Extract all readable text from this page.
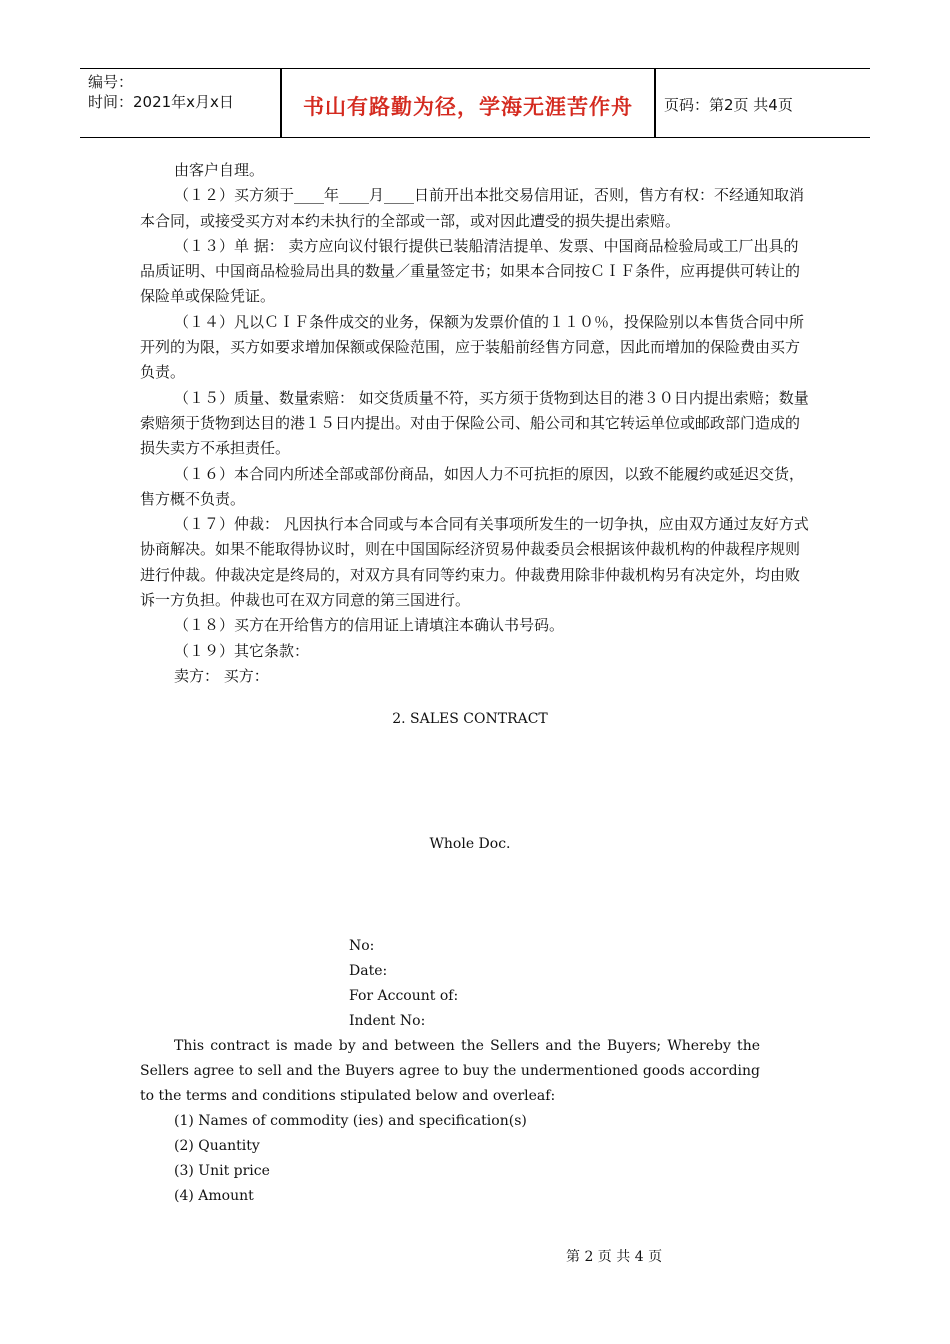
编号：
时间：2021年x月x日	书山有路勤为径，学海无涯苦作舟	页码：第2页 共4页

由客户自理。

（１２）买方须于____年____月____日前开出本批交易信用证，否则，售方有权：不经通知取消本合同，或接受买方对本约未执行的全部或一部，或对因此遭受的损失提出索赔。

（１３）单 据： 卖方应向议付银行提供已装船清洁提单、发票、中国商品检验局或工厂出具的品质证明、中国商品检验局出具的数量／重量签定书；如果本合同按ＣＩＦ条件，应再提供可转让的保险单或保险凭证。

（１４）凡以ＣＩＦ条件成交的业务，保额为发票价值的１１０％，投保险别以本售货合同中所开列的为限，买方如要求增加保额或保险范围，应于装船前经售方同意，因此而增加的保险费由买方负责。

（１５）质量、数量索赔： 如交货质量不符，买方须于货物到达目的港３０日内提出索赔；数量索赔须于货物到达目的港１５日内提出。对由于保险公司、船公司和其它转运单位或邮政部门造成的损失卖方不承担责任。

（１６）本合同内所述全部或部份商品，如因人力不可抗拒的原因，以致不能履约或延迟交货，售方概不负责。

（１７）仲裁： 凡因执行本合同或与本合同有关事项所发生的一切争执，应由双方通过友好方式协商解决。如果不能取得协议时，则在中国国际经济贸易仲裁委员会根据该仲裁机构的仲裁程序规则进行仲裁。仲裁决定是终局的，对双方具有同等约束力。仲裁费用除非仲裁机构另有决定外，均由败诉一方负担。仲裁也可在双方同意的第三国进行。

（１８）买方在开给售方的信用证上请填注本确认书号码。

（１９）其它条款：

卖方： 买方：

2. SALES CONTRACT
Whole Doc.
No:
Date:
For Account of:
Indent No:

This contract is made by and between the Sellers and the Buyers; Whereby the Sellers agree to sell and the Buyers agree to buy the undermentioned goods according to the terms and conditions stipulated below and overleaf:

(1) Names of commodity (ies) and specification(s)

(2) Quantity

(3) Unit price

(4) Amount

第 2 页 共 4 页
